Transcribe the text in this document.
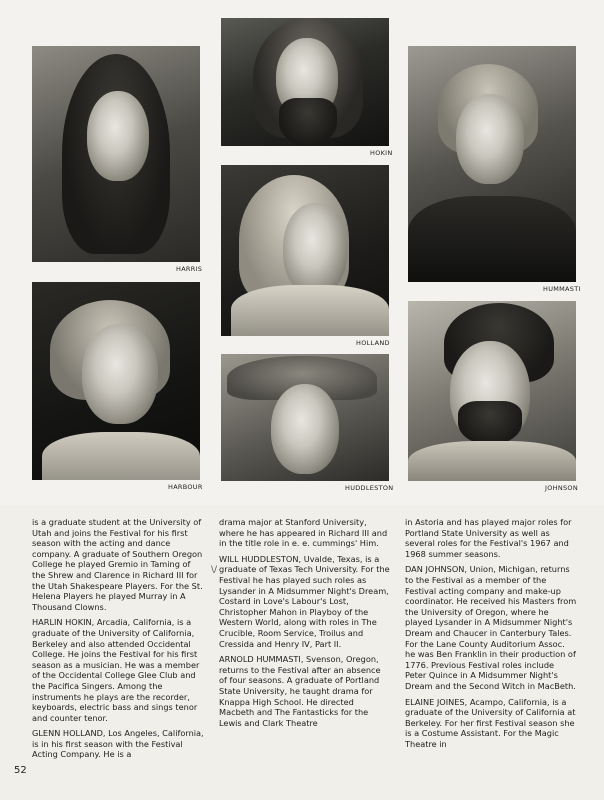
HARRIS
HOKIN
HUMMASTI
HOLLAND
HARBOUR	HUDDLESTON	JOHNSON

is a graduate student at the University of Utah and joins the Festival for his first season with the acting and dance company. A graduate of Southern Oregon College he played Gremio in Taming of the Shrew and Clarence in Richard III for the Utah Shakespeare Players. For the St. Helena Players he played Murray in A Thousand Clowns.

HARLIN HOKIN, Arcadia, California, is a graduate of the University of California, Berkeley and also attended Occidental College. He joins the Festival for his first season as a musician. He was a member of the Occidental College Glee Club and the Pacifica Singers. Among the instruments he plays are the recorder, keyboards, electric bass and sings tenor and counter tenor.

GLENN HOLLAND, Los Angeles, California, is in his first season with the Festival Acting Company. He is a

drama major at Stanford University, where he has appeared in Richard III and in the title role in e. e. cummings' Him.

WILL HUDDLESTON, Uvalde, Texas, is a graduate of Texas Tech University. For the Festival he has played such roles as Lysander in A Midsummer Night's Dream, Costard in Love's Labour's Lost, Christopher Mahon in Playboy of the Western World, along with roles in The Crucible, Room Service, Troilus and Cressida and Henry IV, Part II.

ARNOLD HUMMASTI, Svenson, Oregon, returns to the Festival after an absence of four seasons. A graduate of Portland State University, he taught drama for Knappa High School. He directed Macbeth and The Fantasticks for the Lewis and Clark Theatre

in Astoria and has played major roles for Portland State University as well as several roles for the Festival's 1967 and 1968 summer seasons.

DAN JOHNSON, Union, Michigan, returns to the Festival as a member of the Festival acting company and make-up coordinator. He received his Masters from the University of Oregon, where he played Lysander in A Midsummer Night's Dream and Chaucer in Canterbury Tales. For the Lane County Auditorium Assoc. he was Ben Franklin in their production of 1776. Previous Festival roles include Peter Quince in A Midsummer Night's Dream and the Second Witch in MacBeth.

ELAINE JOINES, Acampo, California, is a graduate of the University of California at Berkeley. For her first Festival season she is a Costume Assistant. For the Magic Theatre in

\/
52
